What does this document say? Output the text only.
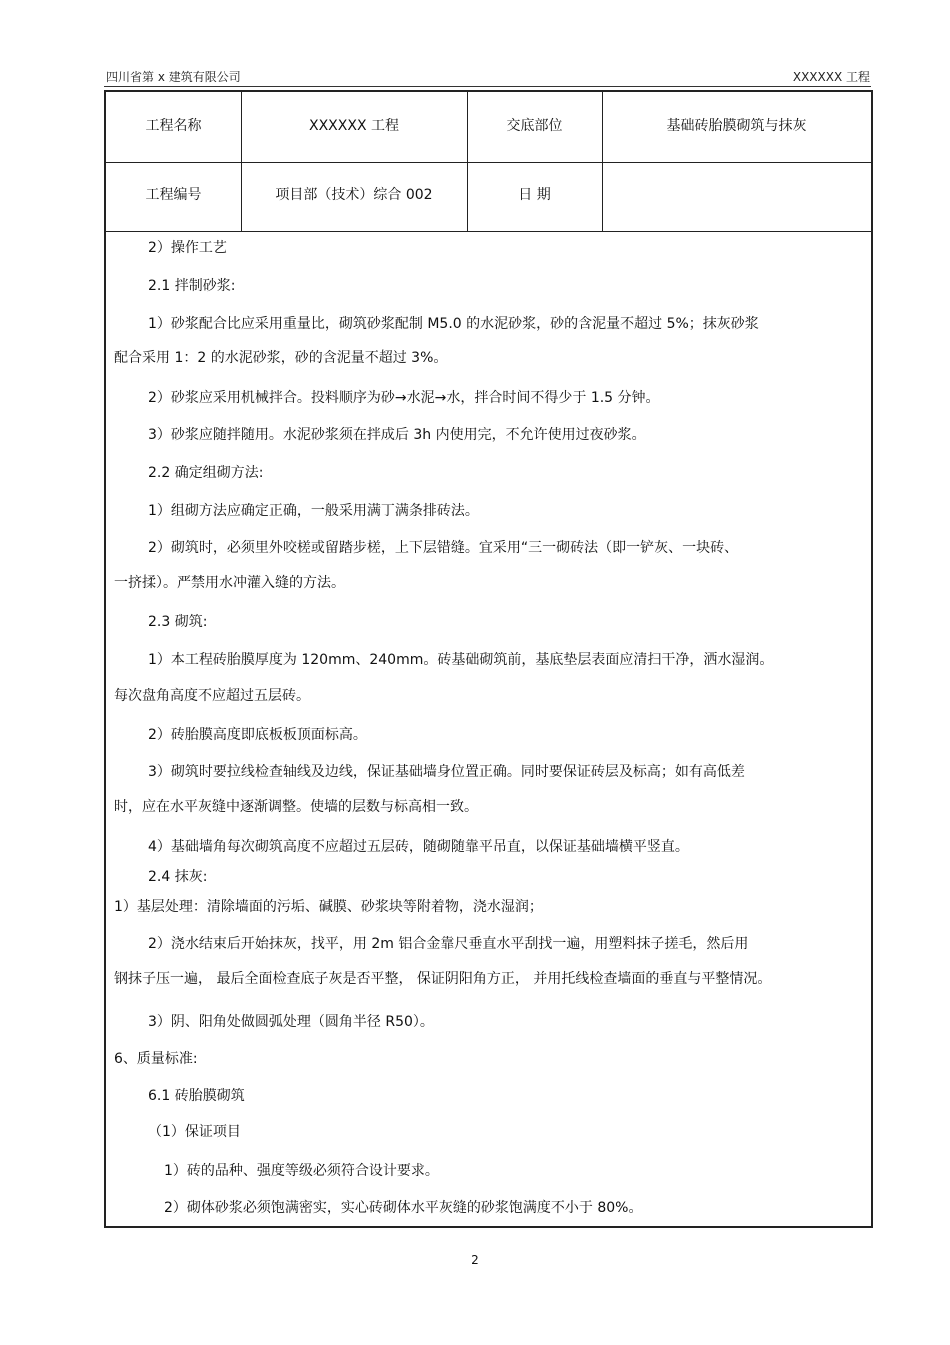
四川省第 x 建筑有限公司	XXXXXX 工程
工程名称	XXXXXX 工程	交底部位	基础砖胎膜砌筑与抹灰
工程编号	项目部（技术）综合 002	日 期
2）操作工艺
2.1 拌制砂浆:
1）砂浆配合比应采用重量比，砌筑砂浆配制 M5.0 的水泥砂浆，砂的含泥量不超过 5%；抹灰砂浆
配合采用 1：2 的水泥砂浆，砂的含泥量不超过 3%。
2）砂浆应采用机械拌合。投料顺序为砂→水泥→水，拌合时间不得少于 1.5 分钟。
3）砂浆应随拌随用。水泥砂浆须在拌成后 3h 内使用完，不允许使用过夜砂浆。
2.2 确定组砌方法:
1）组砌方法应确定正确，一般采用满丁满条排砖法。
2）砌筑时，必须里外咬槎或留踏步槎，上下层错缝。宜采用“三一砌砖法（即一铲灰、一块砖、
一挤揉）。严禁用水冲灌入缝的方法。
2.3 砌筑:
1）本工程砖胎膜厚度为 120mm、240mm。砖基础砌筑前，基底垫层表面应清扫干净，洒水湿润。
每次盘角高度不应超过五层砖。
2）砖胎膜高度即底板板顶面标高。
3）砌筑时要拉线检查轴线及边线，保证基础墙身位置正确。同时要保证砖层及标高；如有高低差
时，应在水平灰缝中逐渐调整。使墙的层数与标高相一致。
4）基础墙角每次砌筑高度不应超过五层砖，随砌随靠平吊直，以保证基础墙横平竖直。
2.4 抹灰:
1）基层处理：清除墙面的污垢、碱膜、砂浆块等附着物，浇水湿润；
2）浇水结束后开始抹灰，找平，用 2m 铝合金靠尺垂直水平刮找一遍，用塑料抹子搓毛，然后用
钢抹子压一遍， 最后全面检查底子灰是否平整， 保证阴阳角方正， 并用托线检查墙面的垂直与平整情况。
3）阴、阳角处做圆弧处理（圆角半径 R50）。
6、质量标准:
6.1 砖胎膜砌筑
（1）保证项目
1）砖的品种、强度等级必须符合设计要求。
2）砌体砂浆必须饱满密实，实心砖砌体水平灰缝的砂浆饱满度不小于 80%。
2
